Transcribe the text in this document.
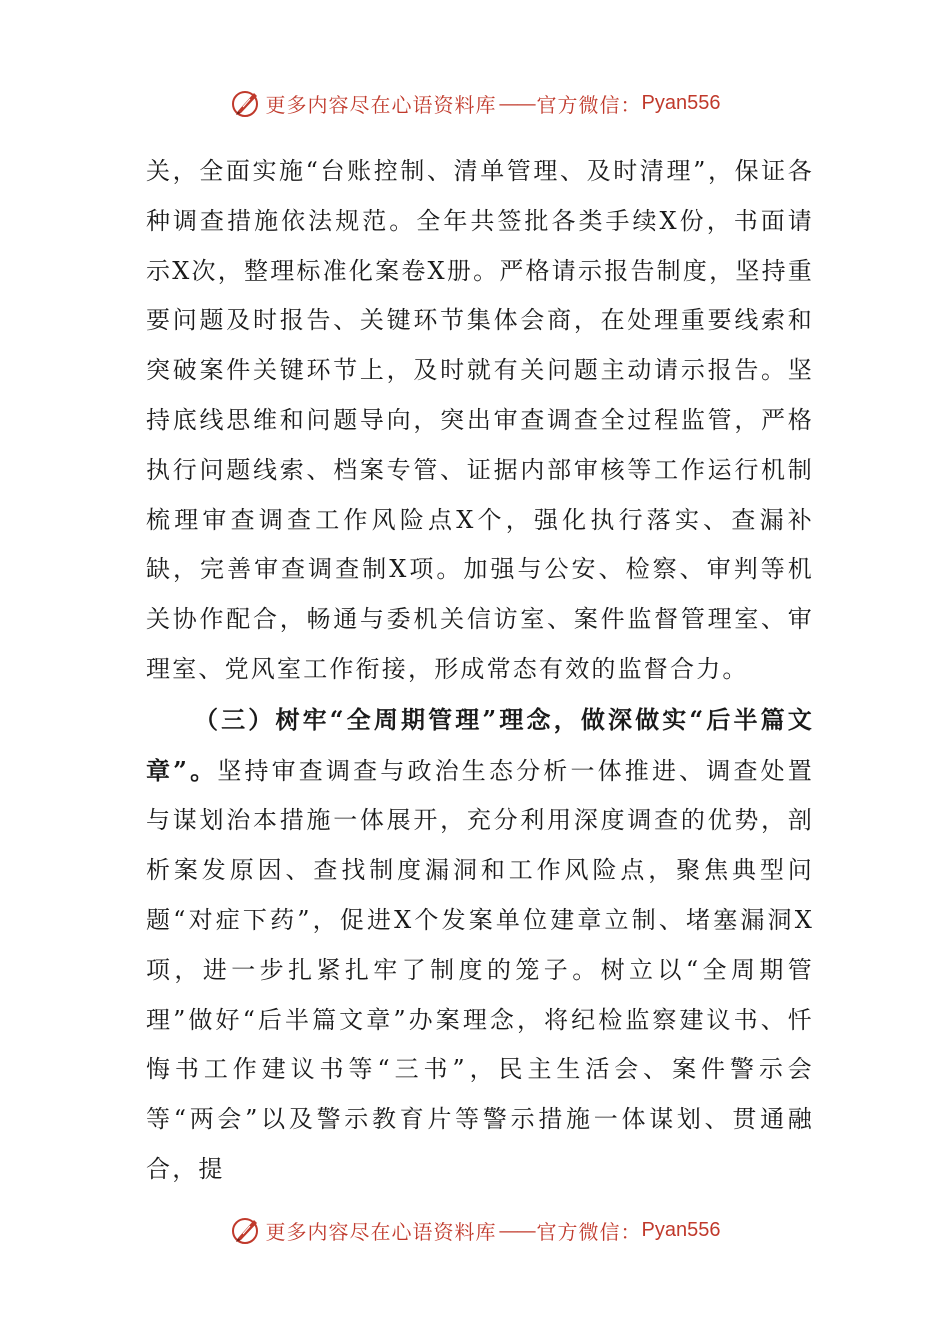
更多内容尽在心语资料库 —— 官方微信： Pyan556

关，全面实施“台账控制、清单管理、及时清理”，保证各种调查措施依法规范。全年共签批各类手续X份，书面请示X次，整理标准化案卷X册。严格请示报告制度，坚持重要问题及时报告、关键环节集体会商，在处理重要线索和突破案件关键环节上，及时就有关问题主动请示报告。坚持底线思维和问题导向，突出审查调查全过程监管，严格执行问题线索、档案专管、证据内部审核等工作运行机制梳理审查调查工作风险点X个，强化执行落实、查漏补缺，完善审查调查制X项。加强与公安、检察、审判等机关协作配合，畅通与委机关信访室、案件监督管理室、审理室、党风室工作衔接，形成常态有效的监督合力。

（三）树牢“全周期管理”理念，做深做实“后半篇文章”。坚持审查调查与政治生态分析一体推进、调查处置与谋划治本措施一体展开，充分利用深度调查的优势，剖析案发原因、查找制度漏洞和工作风险点，聚焦典型问题“对症下药”，促进X个发案单位建章立制、堵塞漏洞X项，进一步扎紧扎牢了制度的笼子。树立以“全周期管理”做好“后半篇文章”办案理念，将纪检监察建议书、忏悔书工作建议书等“三书”，民主生活会、案件警示会等“两会”以及警示教育片等警示措施一体谋划、贯通融合，提

更多内容尽在心语资料库 —— 官方微信： Pyan556
